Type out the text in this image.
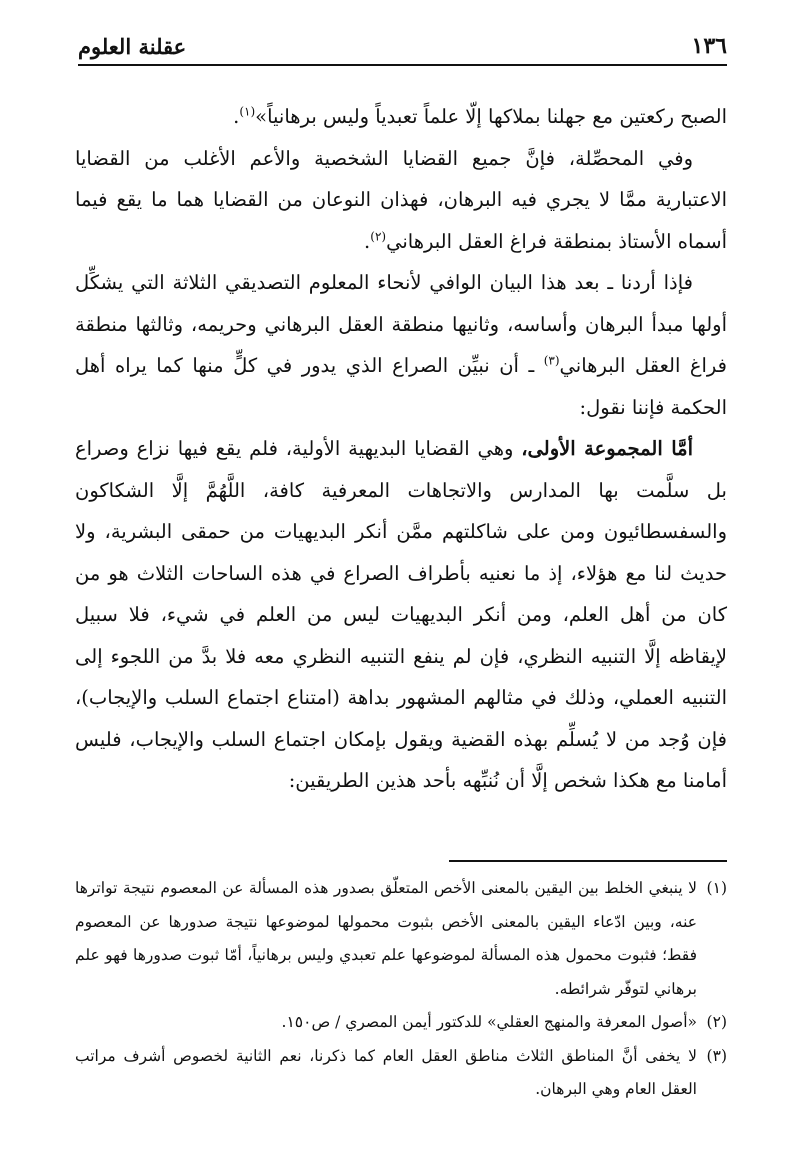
١٣٦
عقلنة العلوم

الصبح ركعتين مع جهلنا بملاكها إلّا علماً تعبدياً وليس برهانياً»$^{(١)}$.

وفي المحصِّلة، فإنَّ جميع القضايا الشخصية والأعم الأغلب من القضايا الاعتبارية ممَّا لا يجري فيه البرهان، فهذان النوعان من القضايا هما ما يقع فيما أسماه الأستاذ بمنطقة فراغ العقل البرهاني$^{(٢)}$.

فإذا أردنا ـ بعد هذا البيان الوافي لأنحاء المعلوم التصديقي الثلاثة التي يشكِّل أولها مبدأ البرهان وأساسه، وثانيها منطقة العقل البرهاني وحريمه، وثالثها منطقة فراغ العقل البرهاني$^{(٣)}$ ـ أن نبيِّن الصراع الذي يدور في كلٍّ منها كما يراه أهل الحكمة فإننا نقول:

أمَّا المجموعة الأولى، وهي القضايا البديهية الأولية، فلم يقع فيها نزاع وصراع بل سلَّمت بها المدارس والاتجاهات المعرفية كافة، اللَّهُمَّ إلَّا الشكاكون والسفسطائيون ومن على شاكلتهم ممَّن أنكر البديهيات من حمقى البشرية، ولا حديث لنا مع هؤلاء، إذ ما نعنيه بأطراف الصراع في هذه الساحات الثلاث هو من كان من أهل العلم، ومن أنكر البديهيات ليس من العلم في شيء، فلا سبيل لإيقاظه إلَّا التنبيه النظري، فإن لم ينفع التنبيه النظري معه فلا بدَّ من اللجوء إلى التنبيه العملي، وذلك في مثالهم المشهور بداهة (امتناع اجتماع السلب والإيجاب)، فإن وُجد من لا يُسلِّم بهذه القضية ويقول بإمكان اجتماع السلب والإيجاب، فليس أمامنا مع هكذا شخص إلَّا أن نُنبِّهه بأحد هذين الطريقين:

(١)
لا ينبغي الخلط بين اليقين بالمعنى الأخص المتعلّق بصدور هذه المسألة عن المعصوم نتيجة تواترها عنه، وبين ادّعاء اليقين بالمعنى الأخص بثبوت محمولها لموضوعها نتيجة صدورها عن المعصوم فقط؛ فثبوت محمول هذه المسألة لموضوعها علم تعبدي وليس برهانياً، أمّا ثبوت صدورها فهو علم برهاني لتوفّر شرائطه.

(٢)
«أصول المعرفة والمنهج العقلي» للدكتور أيمن المصري / ص١٥٠.

(٣)
لا يخفى أنَّ المناطق الثلاث مناطق العقل العام كما ذكرنا، نعم الثانية لخصوص أشرف مراتب العقل العام وهي البرهان.
